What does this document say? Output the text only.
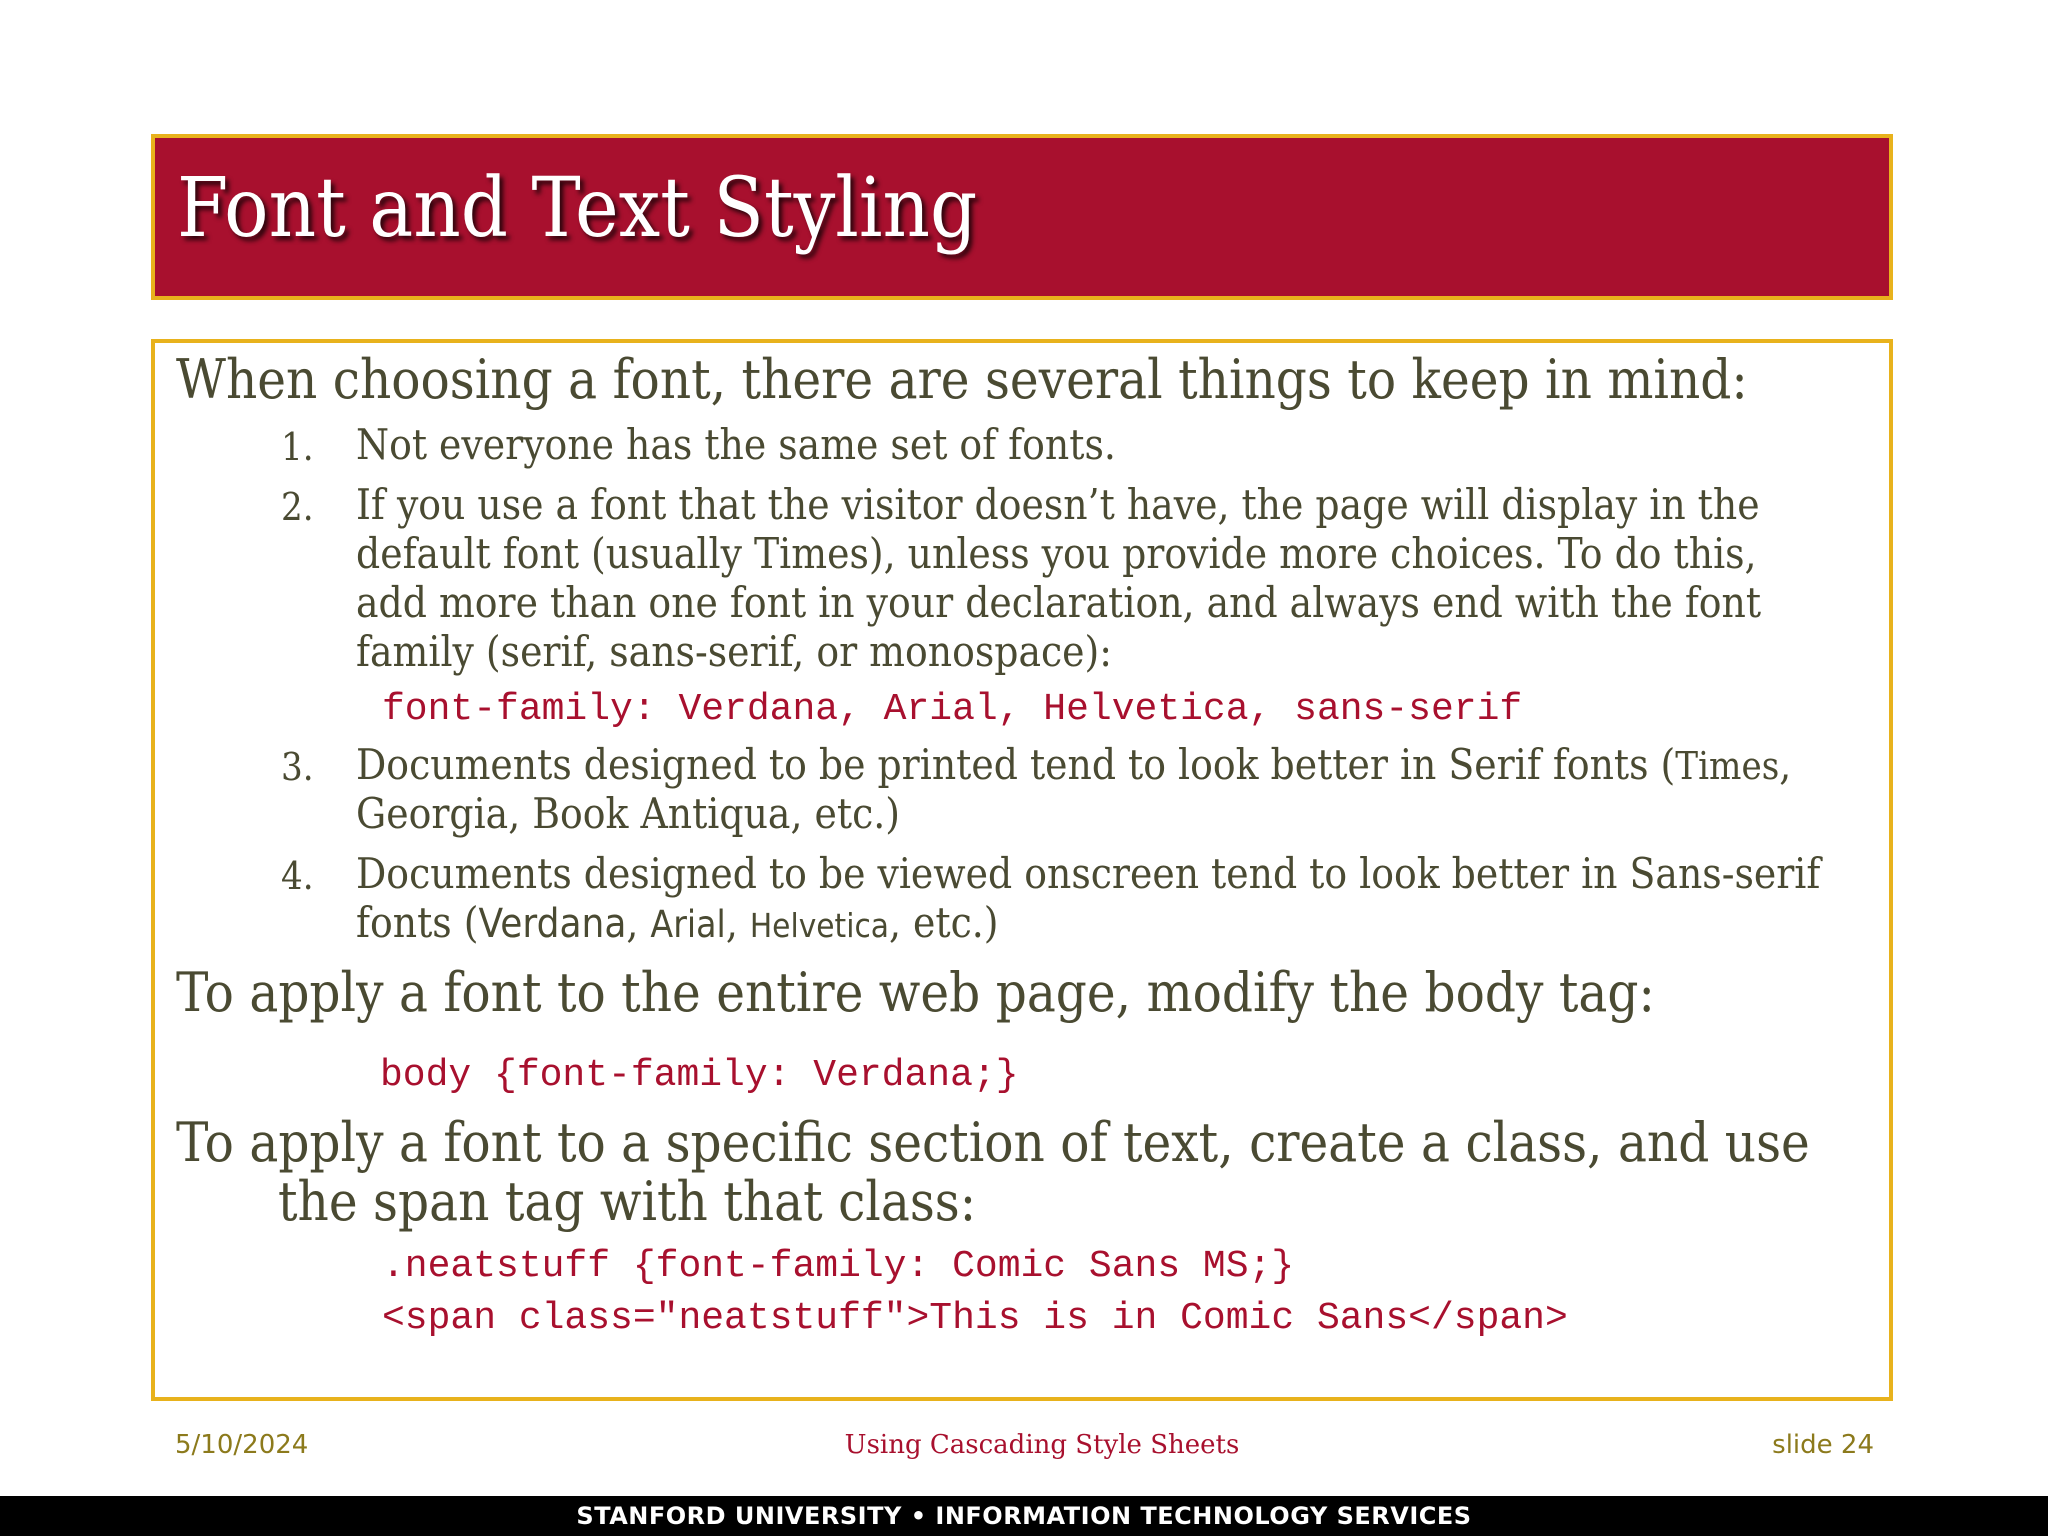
Font and Text Styling

When choosing a font, there are several things to keep in mind:

1. Not everyone has the same set of fonts.

2. If you use a font that the visitor doesn’t have, the page will display in the

default font (usually Times), unless you provide more choices. To do this,

add more than one font in your declaration, and always end with the font

family (serif, sans-serif, or monospace):

font-family: Verdana, Arial, Helvetica, sans-serif

3. Documents designed to be printed tend to look better in Serif fonts (Times,

Georgia, Book Antiqua, etc.)

4. Documents designed to be viewed onscreen tend to look better in Sans-serif

fonts (Verdana, Arial, Helvetica, etc.)

To apply a font to the entire web page, modify the body tag:

body {font-family: Verdana;}

To apply a font to a specific section of text, create a class, and use

the span tag with that class:

.neatstuff {font-family: Comic Sans MS;}

<span class="neatstuff">This is in Comic Sans</span>

5/10/2024	Using Cascading Style Sheets	slide 24

STANFORD UNIVERSITY • INFORMATION TECHNOLOGY SERVICES
